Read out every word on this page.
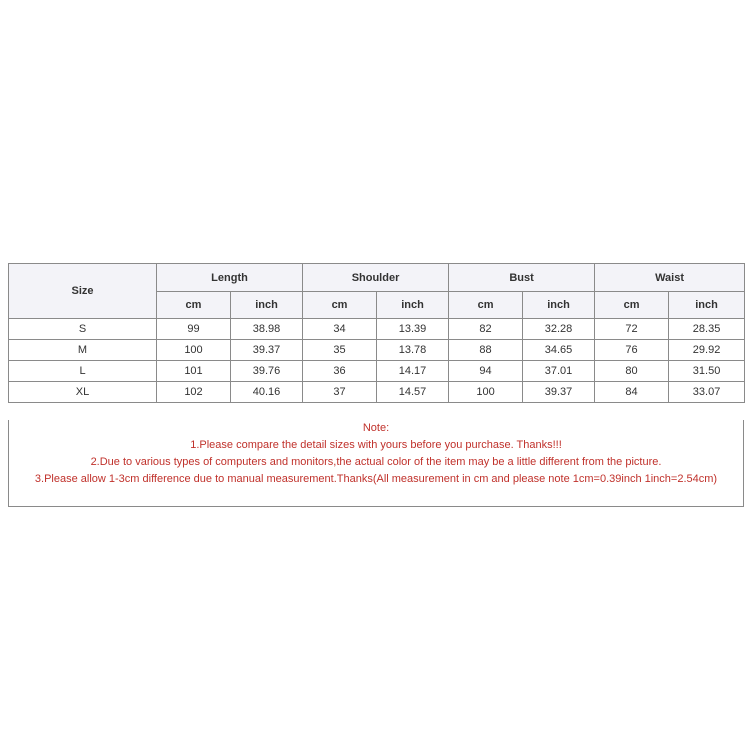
Size	Length		Shoulder		Bust		Waist	
	cm	inch	cm	inch	cm	inch	cm	inch
S	99	38.98	34	13.39	82	32.28	72	28.35
M	100	39.37	35	13.78	88	34.65	76	29.92
L	101	39.76	36	14.17	94	37.01	80	31.50
XL	102	40.16	37	14.57	100	39.37	84	33.07
Note:
1.Please compare the detail sizes with yours before you purchase. Thanks!!!
2.Due to various types of computers and monitors,the actual color of the item may be a little different from the picture.
3.Please allow 1-3cm difference due to manual measurement.Thanks(All measurement in cm and please note 1cm=0.39inch 1inch=2.54cm)
